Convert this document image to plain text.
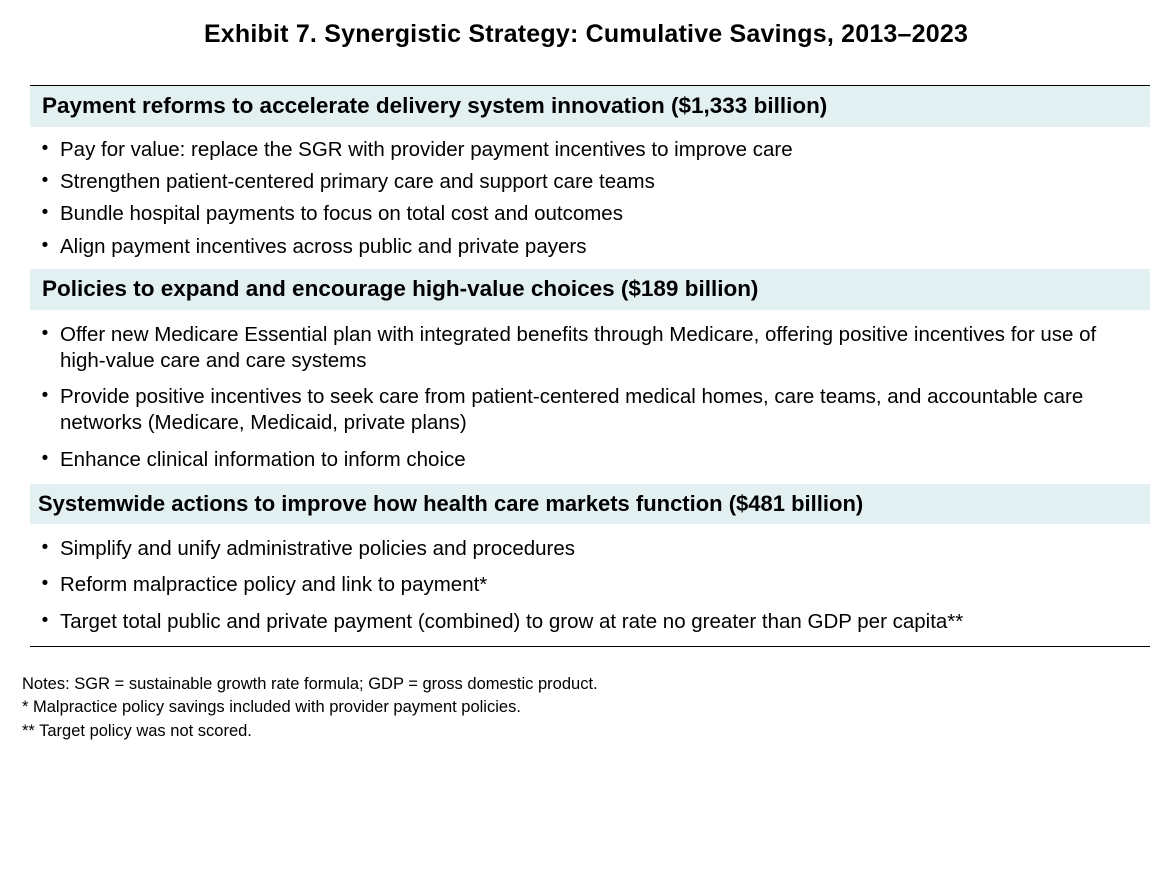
Exhibit 7. Synergistic Strategy: Cumulative Savings, 2013–2023
Payment reforms to accelerate delivery system innovation ($1,333 billion)
• Pay for value: replace the SGR with provider payment incentives to improve care
• Strengthen patient-centered primary care and support care teams
• Bundle hospital payments to focus on total cost and outcomes
• Align payment incentives across public and private payers
Policies to expand and encourage high-value choices ($189 billion)
• Offer new Medicare Essential plan with integrated benefits through Medicare, offering positive incentives for use of high-value care and care systems
• Provide positive incentives to seek care from patient-centered medical homes, care teams, and accountable care networks (Medicare, Medicaid, private plans)
• Enhance clinical information to inform choice
Systemwide actions to improve how health care markets function ($481 billion)
• Simplify and unify administrative policies and procedures
• Reform malpractice policy and link to payment*
• Target total public and private payment (combined) to grow at rate no greater than GDP per capita**
Notes: SGR = sustainable growth rate formula; GDP = gross domestic product.
* Malpractice policy savings included with provider payment policies.
** Target policy was not scored.
